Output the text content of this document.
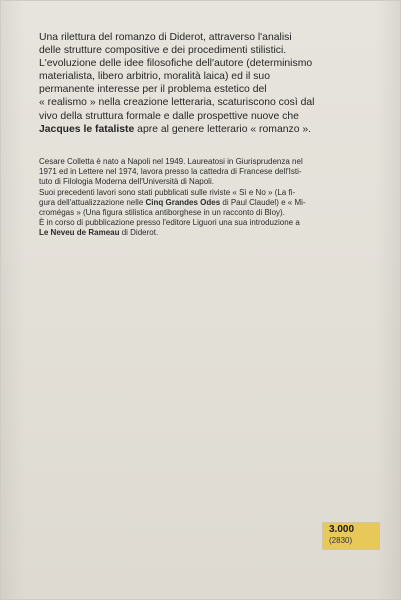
Una rilettura del romanzo di Diderot, attraverso l'analisi
delle strutture compositive e dei procedimenti stilistici.
L'evoluzione delle idee filosofiche dell'autore (determinismo
materialista, libero arbitrio, moralità laica) ed il suo
permanente interesse per il problema estetico del
« realismo » nella creazione letteraria, scaturiscono così dal
vivo della struttura formale e dalle prospettive nuove che
Jacques le fataliste apre al genere letterario « romanzo ».

Cesare Colletta è nato a Napoli nel 1949. Laureatosi in Giurisprudenza nel
1971 ed in Lettere nel 1974, lavora presso la cattedra di Francese dell'Isti-
tuto di Filologia Moderna dell'Università di Napoli.
Suoi precedenti lavori sono stati pubblicati sulle riviste « Sì e No » (La fi-
gura dell'attualizzazione nelle Cinq Grandes Odes di Paul Claudel) e « Mi-
cromégas » (Una figura stilistica antiborghese in un racconto di Bloy).
È in corso di pubblicazione presso l'editore Liguori una sua introduzione a
Le Neveu de Rameau di Diderot.

3.000
(2830)
